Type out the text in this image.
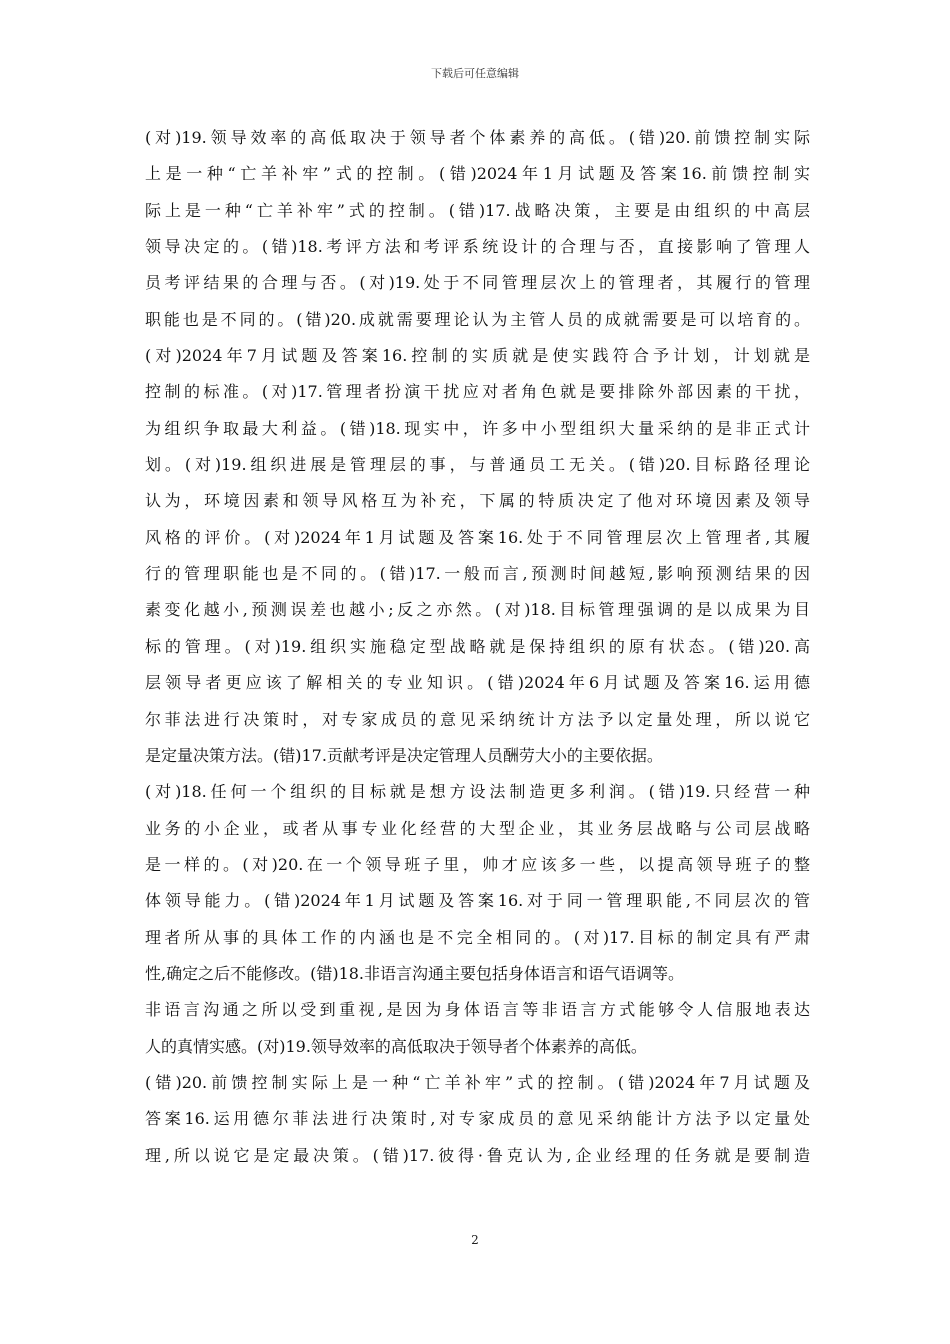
下载后可任意编辑
(对)19.领导效率的高低取决于领导者个体素养的高低。(错)20.前馈控制实际
上是一种“亡羊补牢”式的控制。(错)2024年1月试题及答案16.前馈控制实
际上是一种“亡羊补牢”式的控制。(错)17.战略决策，主要是由组织的中高层
领导决定的。(错)18.考评方法和考评系统设计的合理与否，直接影响了管理人
员考评结果的合理与否。(对)19.处于不同管理层次上的管理者，其履行的管理
职能也是不同的。(错)20.成就需要理论认为主管人员的成就需要是可以培育的。
(对)2024年7月试题及答案16.控制的实质就是使实践符合予计划，计划就是
控制的标准。(对)17.管理者扮演干扰应对者角色就是要排除外部因素的干扰，
为组织争取最大利益。(错)18.现实中，许多中小型组织大量采纳的是非正式计
划。(对)19.组织进展是管理层的事，与普通员工无关。(错)20.目标路径理论
认为，环境因素和领导风格互为补充，下属的特质决定了他对环境因素及领导
风格的评价。(对)2024年1月试题及答案16.处于不同管理层次上管理者,其履
行的管理职能也是不同的。(错)17.一般而言,预测时间越短,影响预测结果的因
素变化越小,预测误差也越小;反之亦然。(对)18.目标管理强调的是以成果为目
标的管理。(对)19.组织实施稳定型战略就是保持组织的原有状态。(错)20.高
层领导者更应该了解相关的专业知识。(错)2024年6月试题及答案16.运用德
尔菲法进行决策时，对专家成员的意见采纳统计方法予以定量处理，所以说它
是定量决策方法。(错)17.贡献考评是决定管理人员酬劳大小的主要依据。
(对)18.任何一个组织的目标就是想方设法制造更多利润。(错)19.只经营一种
业务的小企业，或者从事专业化经营的大型企业，其业务层战略与公司层战略
是一样的。(对)20.在一个领导班子里，帅才应该多一些，以提高领导班子的整
体领导能力。(错)2024年1月试题及答案16.对于同一管理职能,不同层次的管
理者所从事的具体工作的内涵也是不完全相同的。(对)17.目标的制定具有严肃
性,确定之后不能修改。(错)18.非语言沟通主要包括身体语言和语气语调等。
非语言沟通之所以受到重视,是因为身体语言等非语言方式能够令人信服地表达
人的真情实感。(对)19.领导效率的高低取决于领导者个体素养的高低。
(错)20.前馈控制实际上是一种“亡羊补牢”式的控制。(错)2024年7月试题及
答案16.运用德尔菲法进行决策时,对专家成员的意见采纳能计方法予以定量处
理,所以说它是定最决策。(错)17.彼得·鲁克认为,企业经理的任务就是要制造
2
